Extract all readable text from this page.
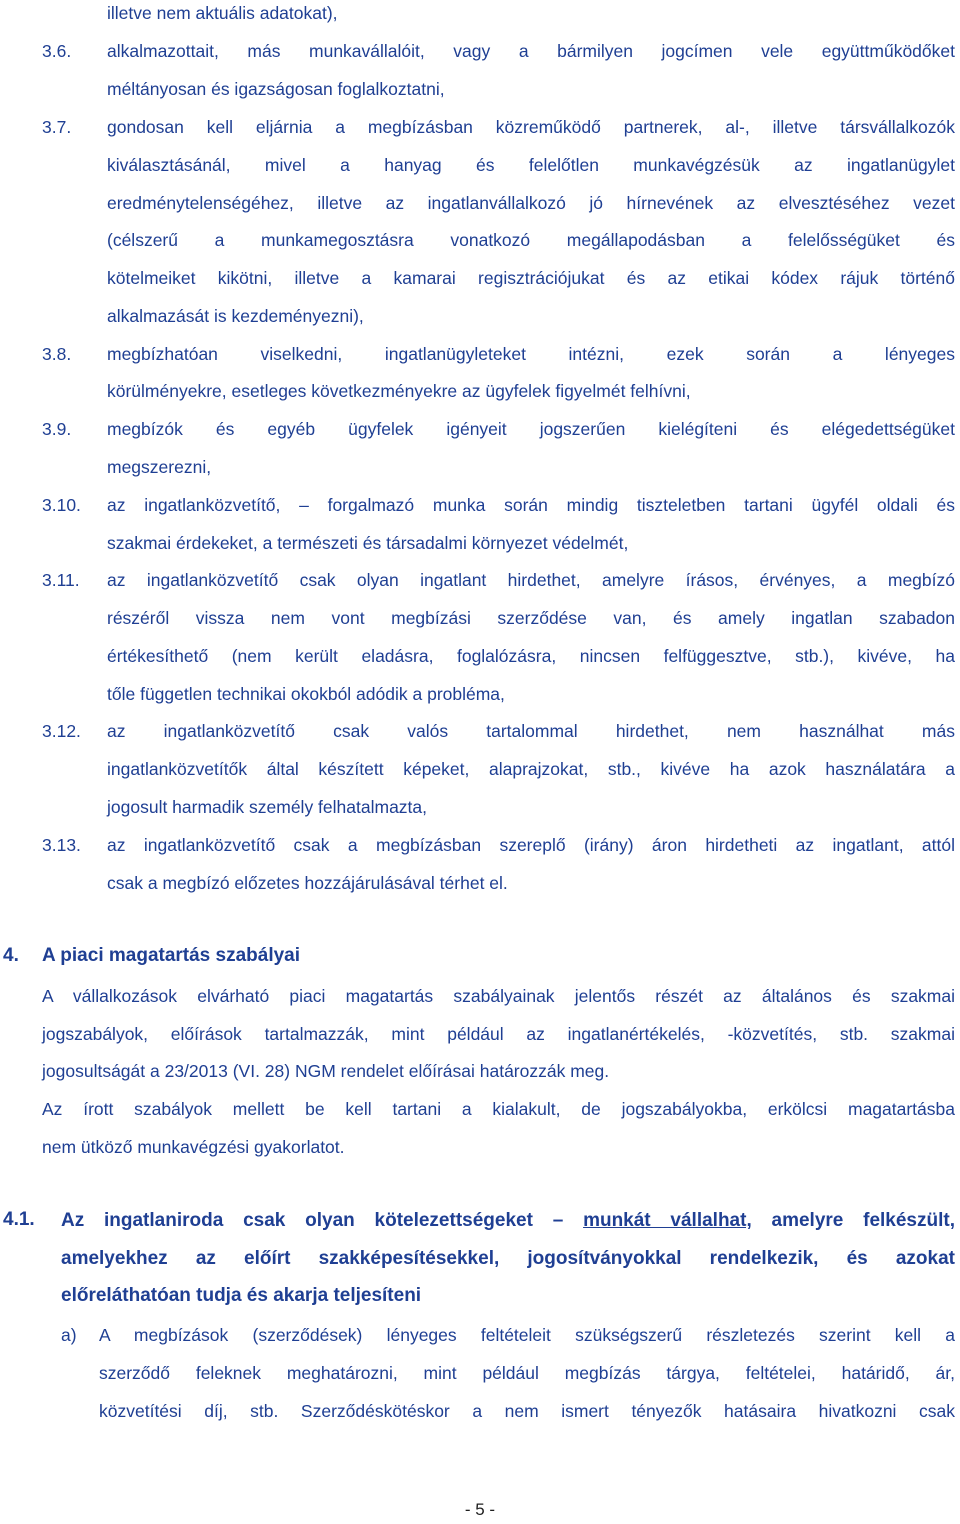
illetve nem aktuális adatokat),
3.6. alkalmazottait, más munkavállalóit, vagy a bármilyen jogcímen vele együttműködőket
méltányosan és igazságosan foglalkoztatni,
3.7. gondosan kell eljárnia a megbízásban közreműködő partnerek, al-, illetve társvállalkozók
kiválasztásánál, mivel a hanyag és felelőtlen munkavégzésük az ingatlanügylet
eredménytelenségéhez, illetve az ingatlanvállalkozó jó hírnevének az elvesztéséhez vezet
(célszerű a munkamegosztásra vonatkozó megállapodásban a felelősségüket és
kötelmeiket kikötni, illetve a kamarai regisztrációjukat és az etikai kódex rájuk történő
alkalmazását is kezdeményezni),
3.8. megbízhatóan viselkedni, ingatlanügyleteket intézni, ezek során a lényeges
körülményekre, esetleges következményekre az ügyfelek figyelmét felhívni,
3.9. megbízók és egyéb ügyfelek igényeit jogszerűen kielégíteni és elégedettségüket
megszerezni,
3.10. az ingatlanközvetítő, – forgalmazó munka során mindig tiszteletben tartani ügyfél oldali és
szakmai érdekeket, a természeti és társadalmi környezet védelmét,
3.11. az ingatlanközvetítő csak olyan ingatlant hirdethet, amelyre írásos, érvényes, a megbízó
részéről vissza nem vont megbízási szerződése van, és amely ingatlan szabadon
értékesíthető (nem került eladásra, foglalózásra, nincsen felfüggesztve, stb.), kivéve, ha
tőle független technikai okokból adódik a probléma,
3.12. az ingatlanközvetítő csak valós tartalommal hirdethet, nem használhat más
ingatlanközvetítők által készített képeket, alaprajzokat, stb., kivéve ha azok használatára a
jogosult harmadik személy felhatalmazta,
3.13. az ingatlanközvetítő csak a megbízásban szereplő (irány) áron hirdetheti az ingatlant, attól
csak a megbízó előzetes hozzájárulásával térhet el.
4. A piaci magatartás szabályai
A vállalkozások elvárható piaci magatartás szabályainak jelentős részét az általános és szakmai
jogszabályok, előírások tartalmazzák, mint például az ingatlanértékelés, -közvetítés, stb. szakmai
jogosultságát a 23/2013 (VI. 28) NGM rendelet előírásai határozzák meg.
Az írott szabályok mellett be kell tartani a kialakult, de jogszabályokba, erkölcsi magatartásba
nem ütköző munkavégzési gyakorlatot.
4.1. Az ingatlaniroda csak olyan kötelezettségeket – munkát vállalhat, amelyre felkészült,
amelyekhez az előírt szakképesítésekkel, jogosítványokkal rendelkezik, és azokat
előreláthatóan tudja és akarja teljesíteni
a) A megbízások (szerződések) lényeges feltételeit szükségszerű részletezés szerint kell a
szerződő feleknek meghatározni, mint például megbízás tárgya, feltételei, határidő, ár,
közvetítési díj, stb. Szerződéskötéskor a nem ismert tényezők hatásaira hivatkozni csak
- 5 -
